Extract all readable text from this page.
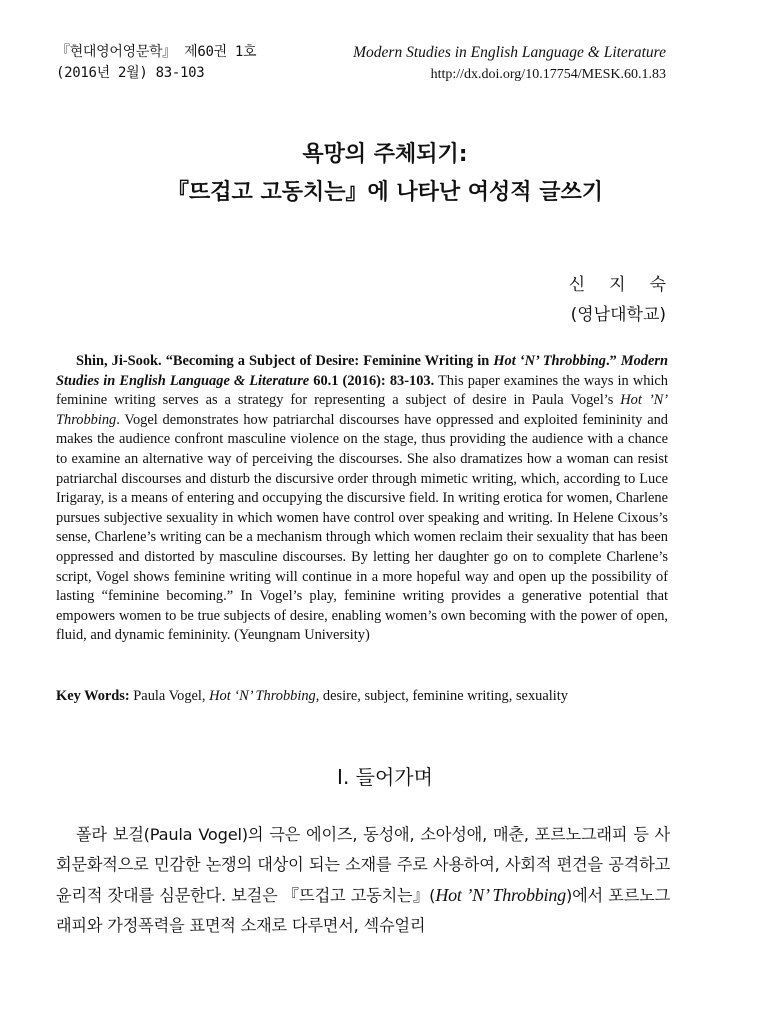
『현대영어영문학』 제60권 1호
(2016년 2월) 83-103
Modern Studies in English Language & Literature
http://dx.doi.org/10.17754/MESK.60.1.83
욕망의 주체되기:
『뜨겁고 고동치는』에 나타난 여성적 글쓰기
신지숙
(영남대학교)
Shin, Ji-Sook. “Becoming a Subject of Desire: Feminine Writing in Hot ‘N’ Throbbing.” Modern Studies in English Language & Literature 60.1 (2016): 83-103. This paper examines the ways in which feminine writing serves as a strategy for representing a subject of desire in Paula Vogel’s Hot ’N’ Throbbing. Vogel demonstrates how patriarchal discourses have oppressed and exploited femininity and makes the audience confront masculine violence on the stage, thus providing the audience with a chance to examine an alternative way of perceiving the discourses. She also dramatizes how a woman can resist patriarchal discourses and disturb the discursive order through mimetic writing, which, according to Luce Irigaray, is a means of entering and occupying the discursive field. In writing erotica for women, Charlene pursues subjective sexuality in which women have control over speaking and writing. In Helene Cixous’s sense, Charlene’s writing can be a mechanism through which women reclaim their sexuality that has been oppressed and distorted by masculine discourses. By letting her daughter go on to complete Charlene’s script, Vogel shows feminine writing will continue in a more hopeful way and open up the possibility of lasting “feminine becoming.” In Vogel’s play, feminine writing provides a generative potential that empowers women to be true subjects of desire, enabling women’s own becoming with the power of open, fluid, and dynamic femininity. (Yeungnam University)
Key Words: Paula Vogel, Hot ‘N’ Throbbing, desire, subject, feminine writing, sexuality
I. 들어가며
폴라 보걸(Paula Vogel)의 극은 에이즈, 동성애, 소아성애, 매춘, 포르노그래피 등 사회문화적으로 민감한 논쟁의 대상이 되는 소재를 주로 사용하여, 사회적 편견을 공격하고 윤리적 잣대를 심문한다. 보걸은 『뜨겁고 고동치는』(Hot ’N’ Throbbing)에서 포르노그래피와 가정폭력을 표면적 소재로 다루면서, 섹슈얼리
